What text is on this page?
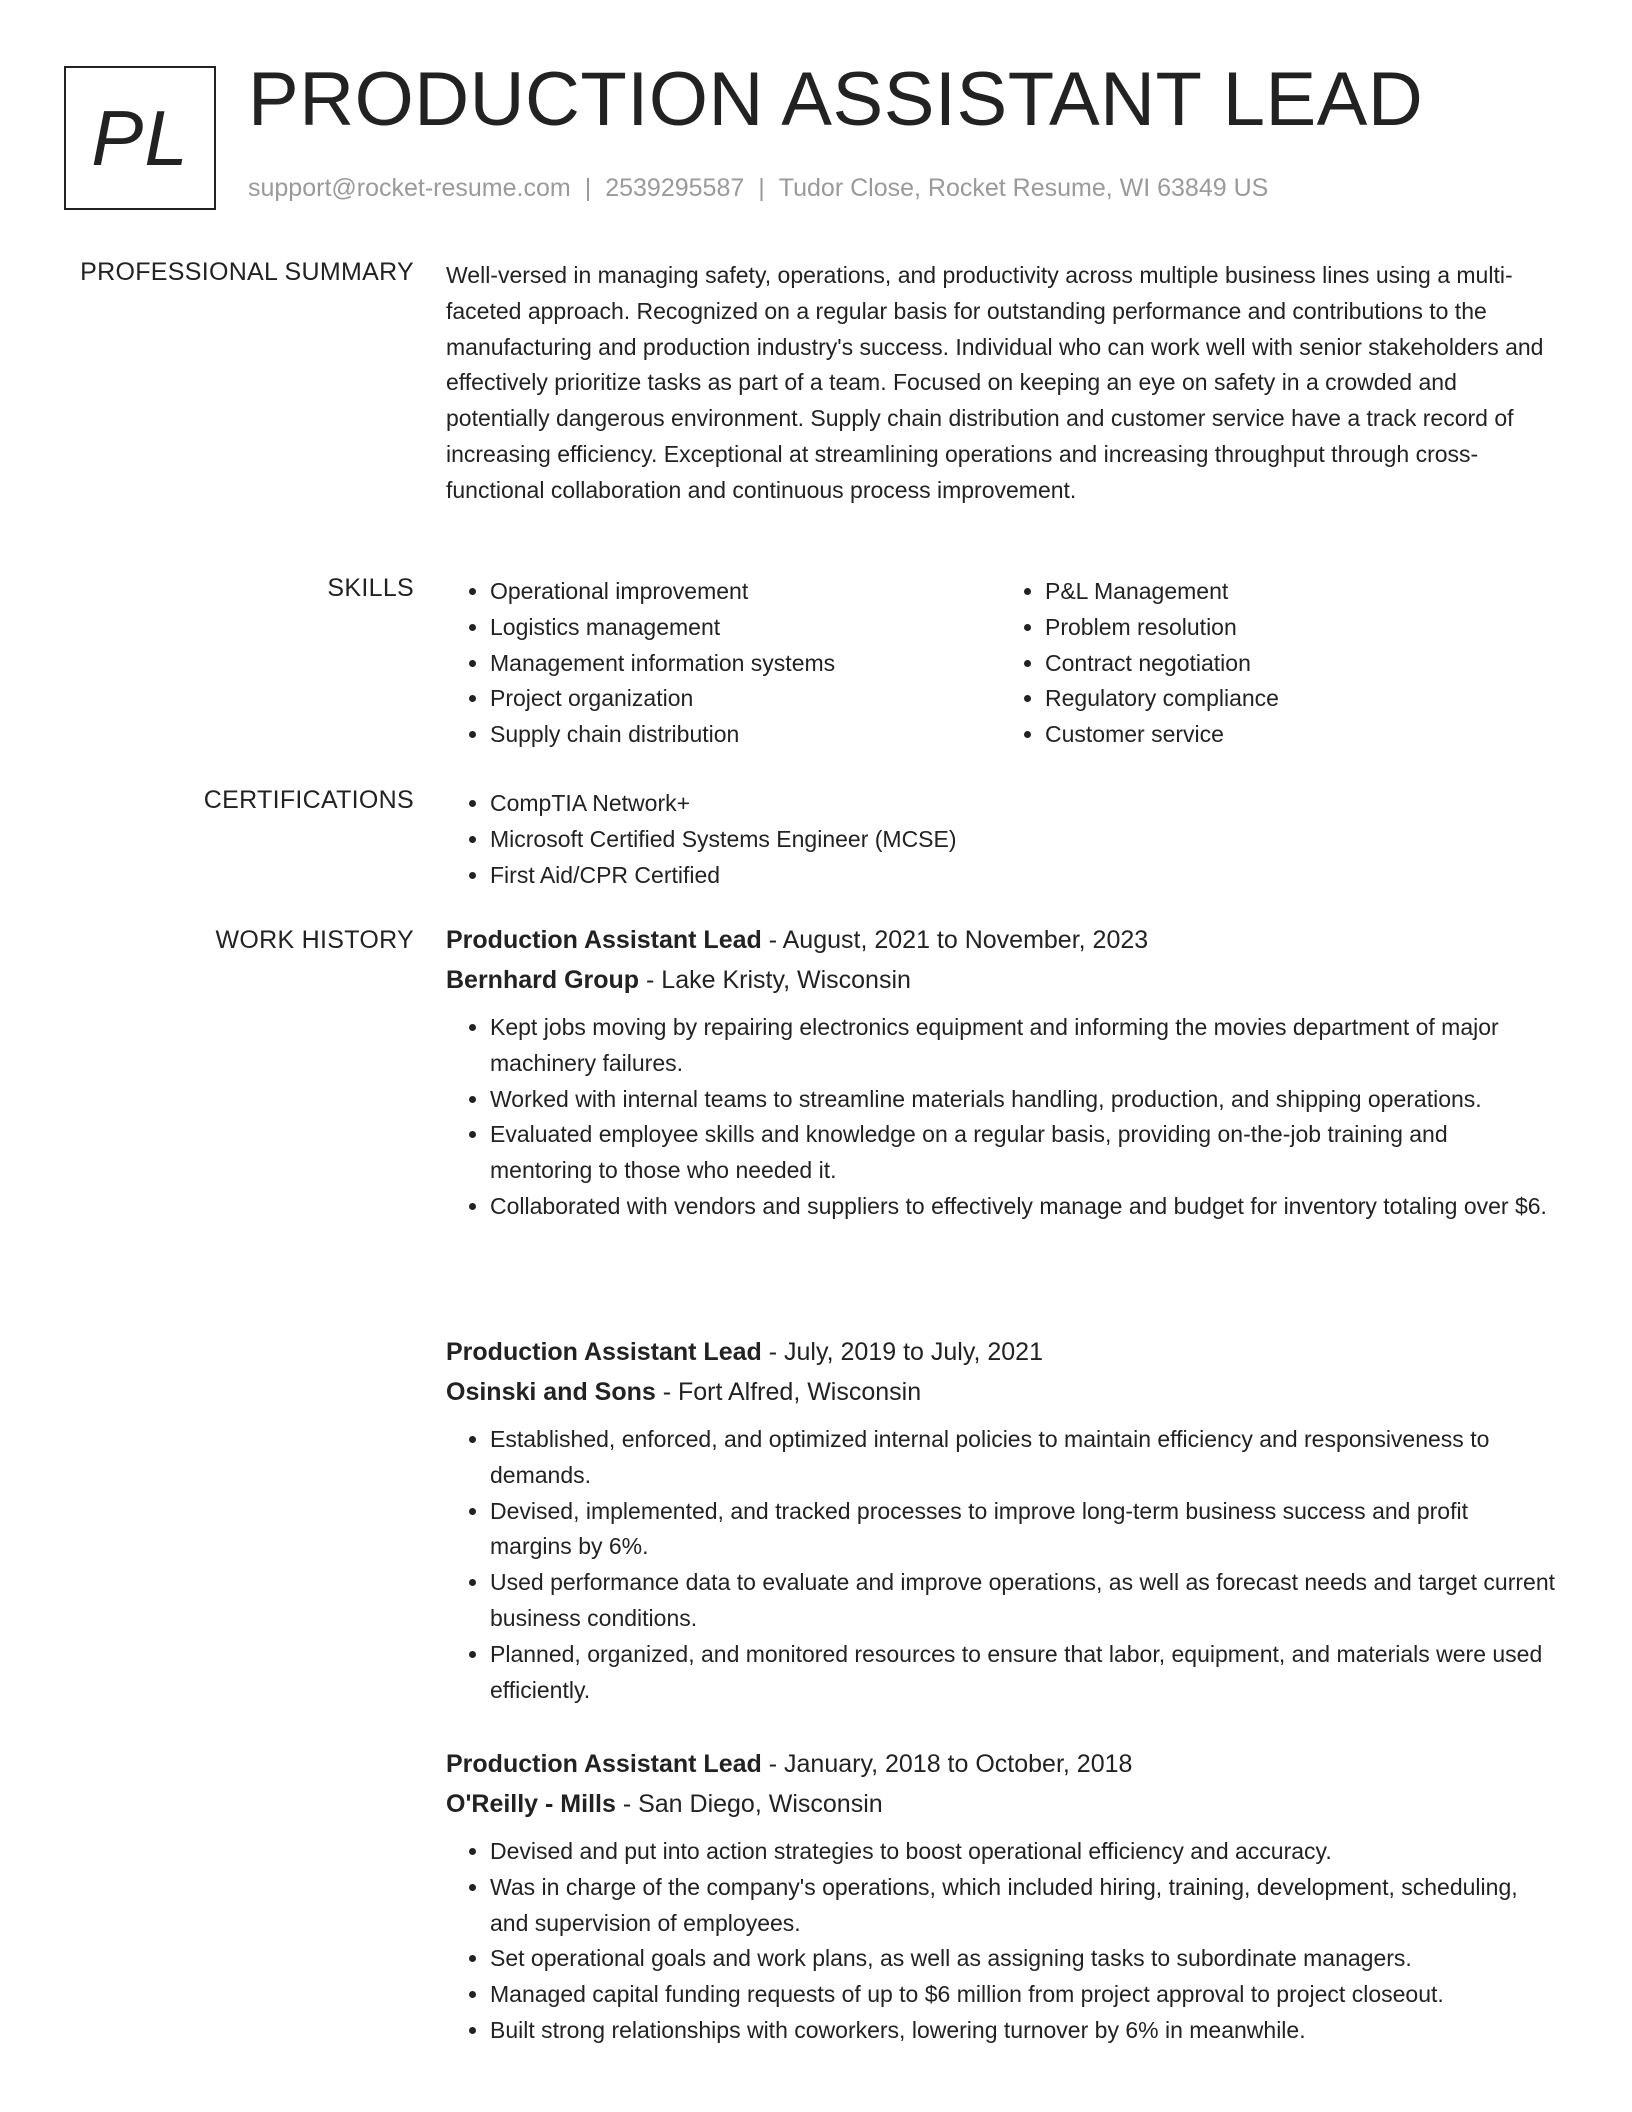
PL PRODUCTION ASSISTANT LEAD
support@rocket-resume.com | 2539295587 | Tudor Close, Rocket Resume, WI 63849 US
PROFESSIONAL SUMMARY Well-versed in managing safety, operations, and productivity across multiple business lines using a multi-faceted approach. Recognized on a regular basis for outstanding performance and contributions to the manufacturing and production industry's success. Individual who can work well with senior stakeholders and effectively prioritize tasks as part of a team. Focused on keeping an eye on safety in a crowded and potentially dangerous environment. Supply chain distribution and customer service have a track record of increasing efficiency. Exceptional at streamlining operations and increasing throughput through cross-functional collaboration and continuous process improvement.
SKILLS	• Operational improvement
• Logistics management
• Management information systems
• Project organization
• Supply chain distribution
• P&L Management
• Problem resolution
• Contract negotiation
• Regulatory compliance
• Customer service
CERTIFICATIONS	• CompTIA Network+
• Microsoft Certified Systems Engineer (MCSE)
• First Aid/CPR Certified
WORK HISTORY Production Assistant Lead - August, 2021 to November, 2023
Bernhard Group - Lake Kristy, Wisconsin
• Kept jobs moving by repairing electronics equipment and informing the movies department of major machinery failures.
• Worked with internal teams to streamline materials handling, production, and shipping operations.
• Evaluated employee skills and knowledge on a regular basis, providing on-the-job training and mentoring to those who needed it.
• Collaborated with vendors and suppliers to effectively manage and budget for inventory totaling over $6.
Production Assistant Lead - July, 2019 to July, 2021
Osinski and Sons - Fort Alfred, Wisconsin
• Established, enforced, and optimized internal policies to maintain efficiency and responsiveness to demands.
• Devised, implemented, and tracked processes to improve long-term business success and profit margins by 6%.
• Used performance data to evaluate and improve operations, as well as forecast needs and target current business conditions.
• Planned, organized, and monitored resources to ensure that labor, equipment, and materials were used efficiently.
Production Assistant Lead - January, 2018 to October, 2018
O'Reilly - Mills - San Diego, Wisconsin
• Devised and put into action strategies to boost operational efficiency and accuracy.
• Was in charge of the company's operations, which included hiring, training, development, scheduling, and supervision of employees.
• Set operational goals and work plans, as well as assigning tasks to subordinate managers.
• Managed capital funding requests of up to $6 million from project approval to project closeout.
• Built strong relationships with coworkers, lowering turnover by 6% in meanwhile.
